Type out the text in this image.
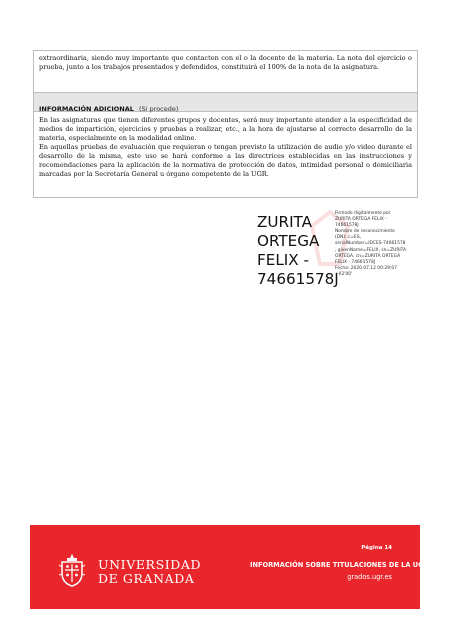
extraordinaria, siendo muy importante que contacten con el o la docente de la materia. La nota del ejercicio o prueba, junto a los trabajos presentados y defendidos, constituirá el 100% de la nota de la asignatura.

INFORMACIÓN ADICIONAL (Si procede)

En las asignaturas que tienen diferentes grupos y docentes, será muy importante atender a la especificidad de medios de impartición, ejercicios y pruebas a realizar, etc., a la hora de ajustarse al correcto desarrollo de la materia, especialmente en la modalidad online.

En aquellas pruebas de evaluación que requieran o tengan previsto la utilización de audio y/o video durante el desarrollo de la misma, este uso se hará conforme a las directrices establecidas en las instrucciones y recomendaciones para la aplicación de la normativa de protección de datos, intimidad personal o domiciliaria marcadas por la Secretaría General u órgano competente de la UGR.

ZURITA
ORTEGA
FELIX -
74661578J
Firmado digitalmente por
ZURITA ORTEGA FELIX -
74661578J
Nombre de reconocimiento
(DN): c=ES,
serialNumber=IDCES-74661578
, givenName=FELIX, sn=ZURITA
ORTEGA, cn=ZURITA ORTEGA
FELIX - 74661578J
Fecha: 2020.07.12 00:29:07
+02'00'
UNIVERSIDAD
DE GRANADA
Página 14
INFORMACIÓN SOBRE TITULACIONES DE LA UGR
grados.ugr.es
